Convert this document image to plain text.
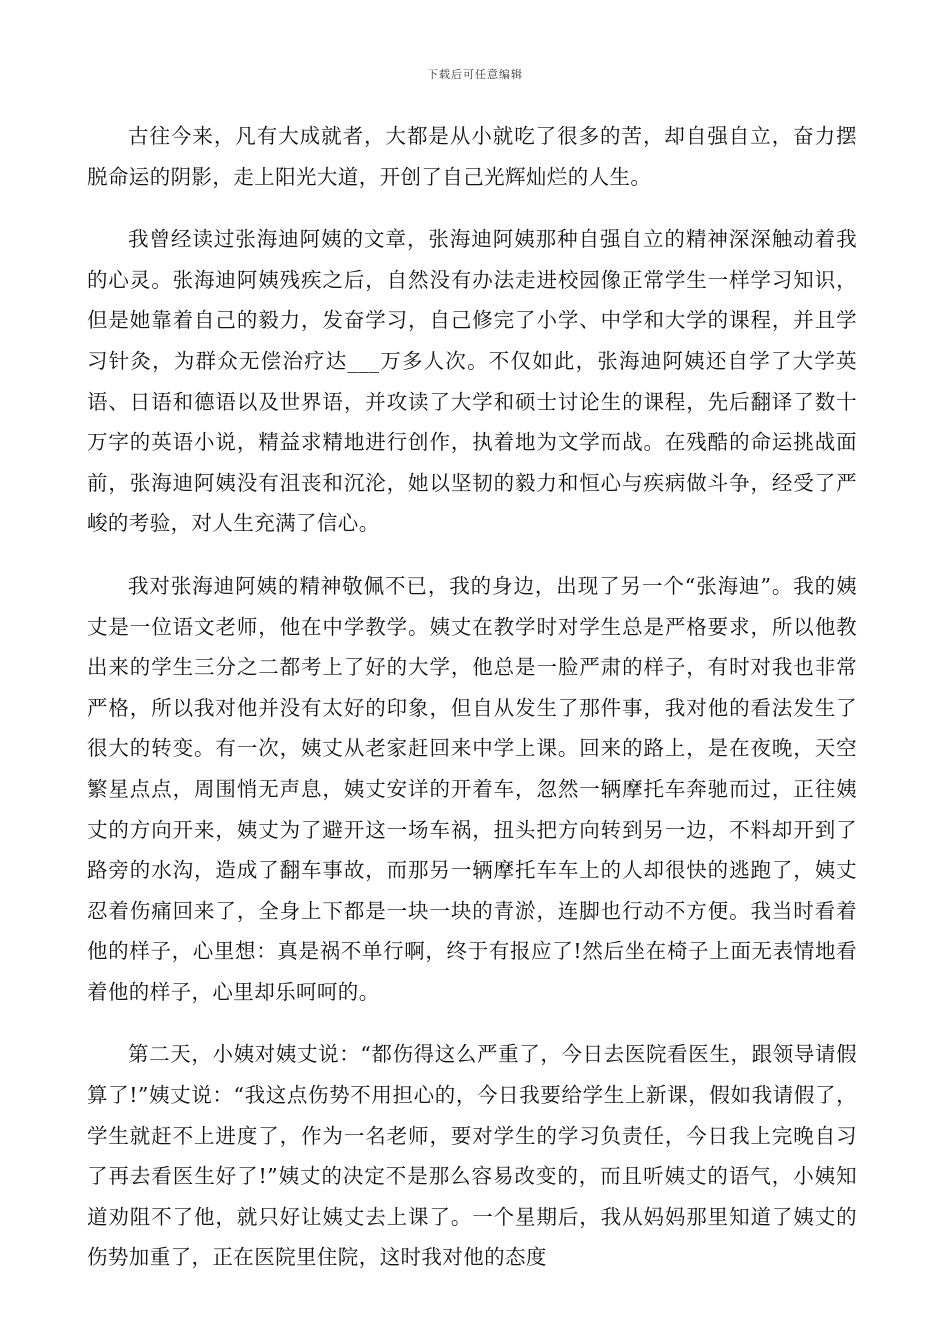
下载后可任意编辑

古往今来，凡有大成就者，大都是从小就吃了很多的苦，却自强自立，奋力摆脱命运的阴影，走上阳光大道，开创了自己光辉灿烂的人生。

我曾经读过张海迪阿姨的文章，张海迪阿姨那种自强自立的精神深深触动着我的心灵。张海迪阿姨残疾之后，自然没有办法走进校园像正常学生一样学习知识，但是她靠着自己的毅力，发奋学习，自己修完了小学、中学和大学的课程，并且学习针灸，为群众无偿治疗达___万多人次。不仅如此，张海迪阿姨还自学了大学英语、日语和德语以及世界语，并攻读了大学和硕士讨论生的课程，先后翻译了数十万字的英语小说，精益求精地进行创作，执着地为文学而战。在残酷的命运挑战面前，张海迪阿姨没有沮丧和沉沦，她以坚韧的毅力和恒心与疾病做斗争，经受了严峻的考验，对人生充满了信心。

我对张海迪阿姨的精神敬佩不已，我的身边，出现了另一个“张海迪”。我的姨丈是一位语文老师，他在中学教学。姨丈在教学时对学生总是严格要求，所以他教出来的学生三分之二都考上了好的大学，他总是一脸严肃的样子，有时对我也非常严格，所以我对他并没有太好的印象，但自从发生了那件事，我对他的看法发生了很大的转变。有一次，姨丈从老家赶回来中学上课。回来的路上，是在夜晚，天空繁星点点，周围悄无声息，姨丈安详的开着车，忽然一辆摩托车奔驰而过，正往姨丈的方向开来，姨丈为了避开这一场车祸，扭头把方向转到另一边，不料却开到了路旁的水沟，造成了翻车事故，而那另一辆摩托车车上的人却很快的逃跑了，姨丈忍着伤痛回来了，全身上下都是一块一块的青淤，连脚也行动不方便。我当时看着他的样子，心里想：真是祸不单行啊，终于有报应了!然后坐在椅子上面无表情地看着他的样子，心里却乐呵呵的。

第二天，小姨对姨丈说：“都伤得这么严重了，今日去医院看医生，跟领导请假算了!”姨丈说：“我这点伤势不用担心的，今日我要给学生上新课，假如我请假了，学生就赶不上进度了，作为一名老师，要对学生的学习负责任，今日我上完晚自习了再去看医生好了!”姨丈的决定不是那么容易改变的，而且听姨丈的语气，小姨知道劝阻不了他，就只好让姨丈去上课了。一个星期后，我从妈妈那里知道了姨丈的伤势加重了，正在医院里住院，这时我对他的态度
